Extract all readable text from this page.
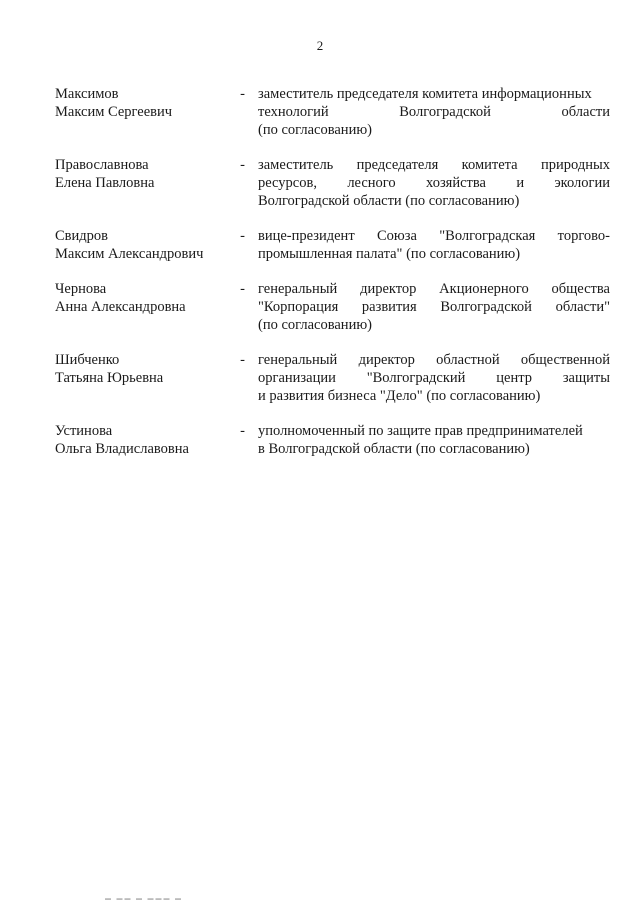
2
Максимов
Максим Сергеевич
- заместитель председателя комитета информационных
технологий	Волгоградской	области
(по согласованию)
Православнова
Елена Павловна
- заместитель председателя комитета природных
ресурсов, лесного хозяйства и экологии
Волгоградской области (по согласованию)
Свидров
Максим Александрович
- вице-президент Союза "Волгоградская торгово-
промышленная палата" (по согласованию)
Чернова
Анна Александровна
- генеральный директор Акционерного общества
"Корпорация развития Волгоградской области"
(по согласованию)
Шибченко
Татьяна Юрьевна
- генеральный директор областной общественной
организации "Волгоградский центр защиты
и развития бизнеса "Дело" (по согласованию)
Устинова
Ольга Владиславовна
- уполномоченный по защите прав предпринимателей
в Волгоградской области (по согласованию)
▬ ▬▬ ▬ ▬▬▬ ▬
